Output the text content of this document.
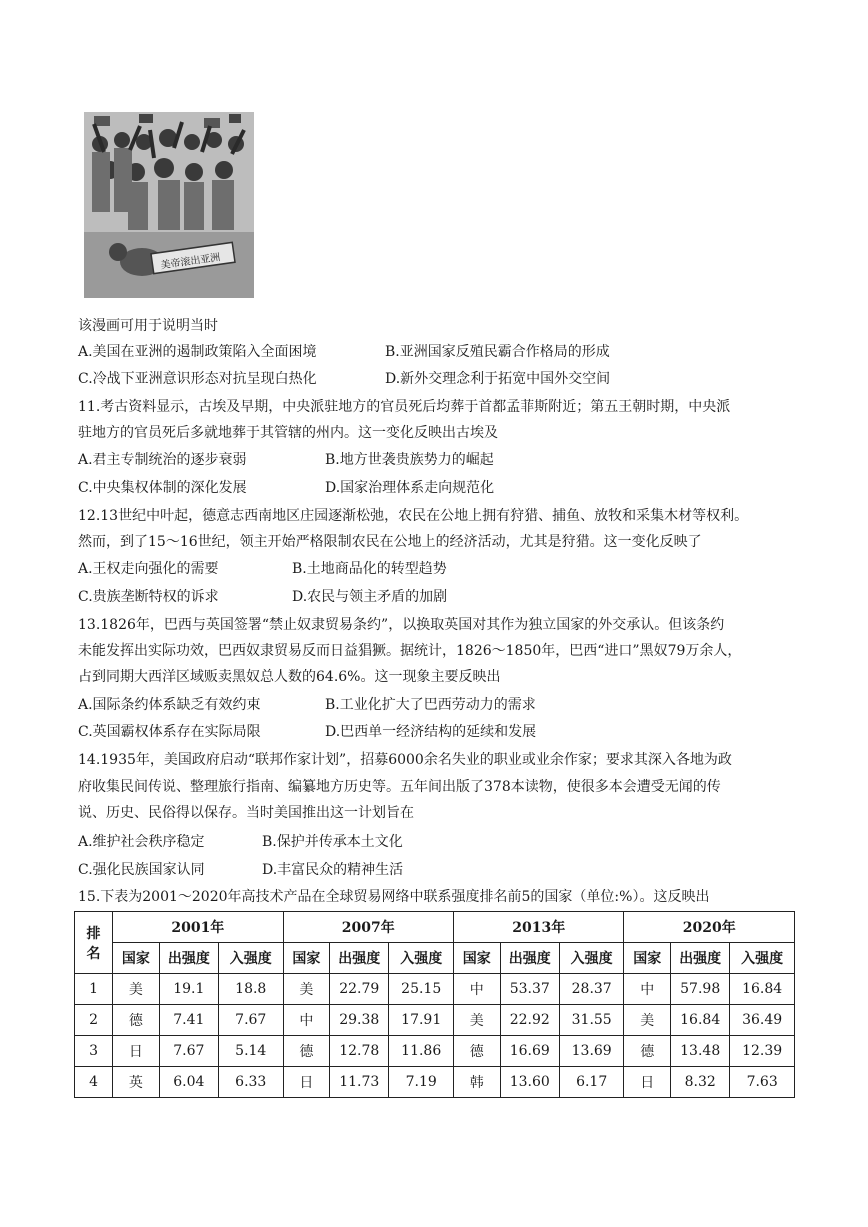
美帝滚出亚洲
该漫画可用于说明当时
A.美国在亚洲的遏制政策陷入全面困境	B.亚洲国家反殖民霸合作格局的形成
C.冷战下亚洲意识形态对抗呈现白热化	D.新外交理念利于拓宽中国外交空间
11.考古资料显示，古埃及早期，中央派驻地方的官员死后均葬于首都孟菲斯附近；第五王朝时期，中央派
驻地方的官员死后多就地葬于其管辖的州内。这一变化反映出古埃及
A.君主专制统治的逐步衰弱	B.地方世袭贵族势力的崛起
C.中央集权体制的深化发展	D.国家治理体系走向规范化
12.13世纪中叶起，德意志西南地区庄园逐渐松弛，农民在公地上拥有狩猎、捕鱼、放牧和采集木材等权利。
然而，到了15～16世纪，领主开始严格限制农民在公地上的经济活动，尤其是狩猎。这一变化反映了
A.王权走向强化的需要	B.土地商品化的转型趋势
C.贵族垄断特权的诉求	D.农民与领主矛盾的加剧
13.1826年，巴西与英国签署“禁止奴隶贸易条约”，以换取英国对其作为独立国家的外交承认。但该条约
未能发挥出实际功效，巴西奴隶贸易反而日益猖獗。据统计，1826～1850年，巴西“进口”黑奴79万余人，
占到同期大西洋区域贩卖黑奴总人数的64.6%。这一现象主要反映出
A.国际条约体系缺乏有效约束	B.工业化扩大了巴西劳动力的需求
C.英国霸权体系存在实际局限	D.巴西单一经济结构的延续和发展
14.1935年，美国政府启动“联邦作家计划”，招募6000余名失业的职业或业余作家；要求其深入各地为政
府收集民间传说、整理旅行指南、编纂地方历史等。五年间出版了378本读物，使很多本会遭受无闻的传
说、历史、民俗得以保存。当时美国推出这一计划旨在
A.维护社会秩序稳定	B.保护并传承本土文化
C.强化民族国家认同	D.丰富民众的精神生活
15.下表为2001～2020年高技术产品在全球贸易网络中联系强度排名前5的国家（单位:%）。这反映出
排
名	2001年			2007年			2013年			2020年		
	国家	出强度	入强度	国家	出强度	入强度	国家	出强度	入强度	国家	出强度	入强度
1	美	19.1	18.8	美	22.79	25.15	中	53.37	28.37	中	57.98	16.84
2	德	7.41	7.67	中	29.38	17.91	美	22.92	31.55	美	16.84	36.49
3	日	7.67	5.14	德	12.78	11.86	德	16.69	13.69	德	13.48	12.39
4	英	6.04	6.33	日	11.73	7.19	韩	13.60	6.17	日	8.32	7.63
